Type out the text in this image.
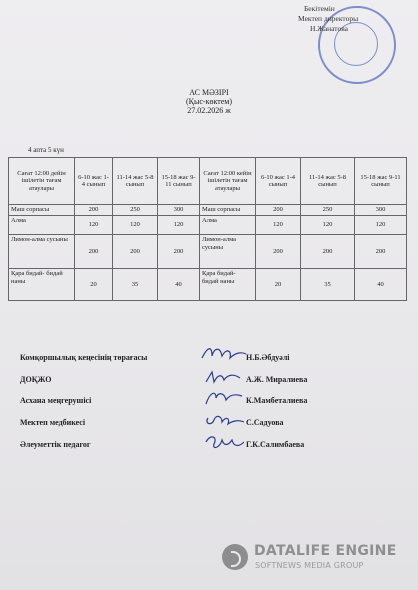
Бекітемін
Мектеп директоры
Н.Жанатова
АС МӘЗІРІ
(Қыс-көктем)
27.02.2026 ж
4 апта 5 күн
Сағат 12:00 дейін ішілетін тағам атаулары	6-10 жас 1-4 сынып	11-14 жас 5-8 сынып	15-18 жас 9-11 сынып	Сағат 12:00 кейін ішілетін тағам атаулары	6-10 жас 1-4 сынып	11-14 жас 5-8 сынып	15-18 жас 9-11 сынып
Маш сорпасы	200	250	300	Маш сорпасы	200	250	300
Алма	120	120	120	Алма	120	120	120
Лимон-алма суcыны	200	200	200	Лимон-алма сусыны	200	200	200
Қара бидай- бидай наны	20	35	40	Қара бидай- бидай наны	20	35	40
Комқоршылық кеңесінің төрағасы	Н.Б.Әбдуәлі
ДОҚЖО	А.Ж. Миралиева
Асхана меңгерушісі	К.Мамбеталиева
Мектеп медбикесі	С.Садуова
Әлеуметтік педагог	Г.К.Салимбаева
DATALIFE ENGINE
SOFTNEWS MEDIA GROUP
